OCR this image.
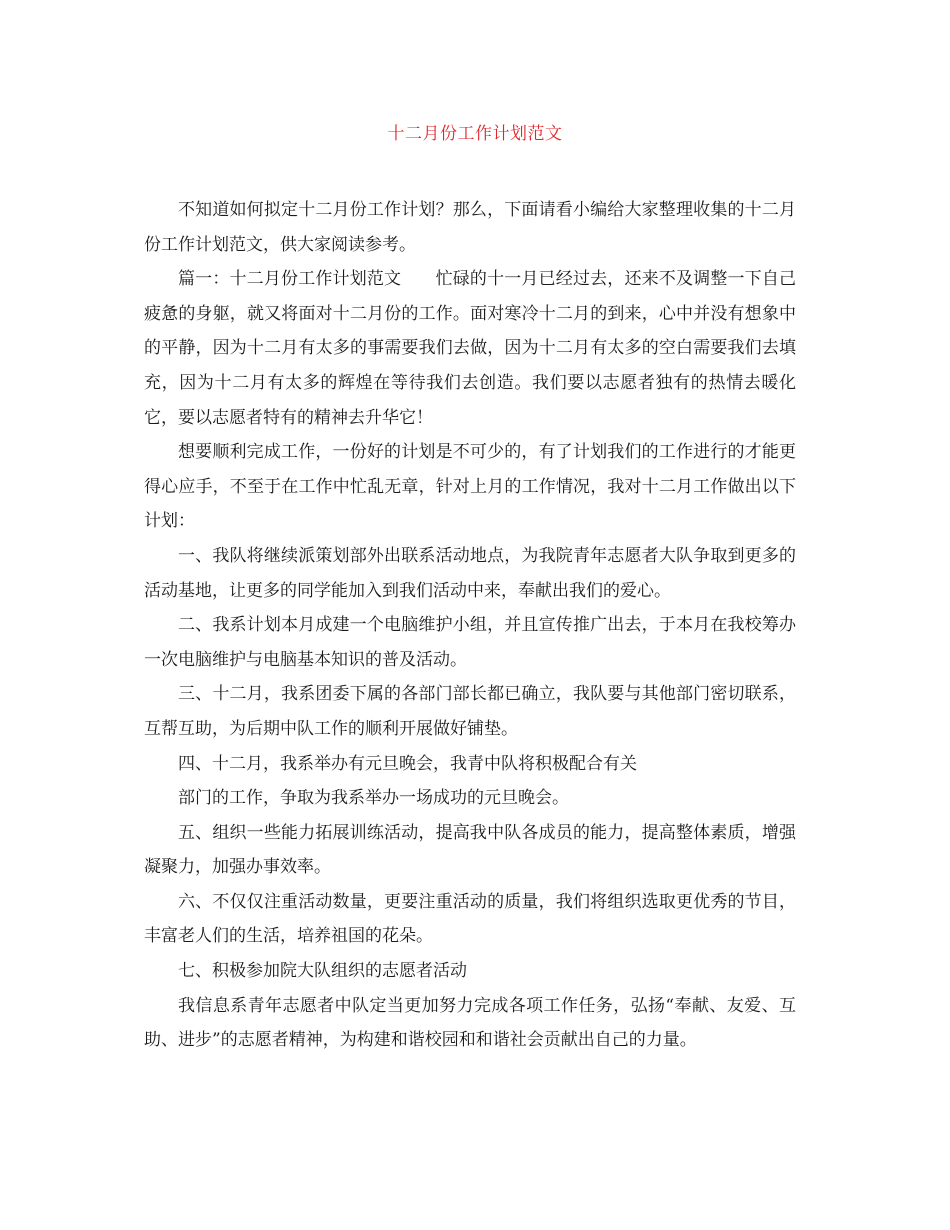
十二月份工作计划范文

不知道如何拟定十二月份工作计划？那么，下面请看小编给大家整理收集的十二月份工作计划范文，供大家阅读参考。

篇一：十二月份工作计划范文　　忙碌的十一月已经过去，还来不及调整一下自己疲惫的身躯，就又将面对十二月份的工作。面对寒冷十二月的到来，心中并没有想象中的平静，因为十二月有太多的事需要我们去做，因为十二月有太多的空白需要我们去填充，因为十二月有太多的辉煌在等待我们去创造。我们要以志愿者独有的热情去暖化它，要以志愿者特有的精神去升华它！

想要顺利完成工作，一份好的计划是不可少的，有了计划我们的工作进行的才能更得心应手，不至于在工作中忙乱无章，针对上月的工作情况，我对十二月工作做出以下计划：

一、我队将继续派策划部外出联系活动地点，为我院青年志愿者大队争取到更多的活动基地，让更多的同学能加入到我们活动中来，奉献出我们的爱心。

二、我系计划本月成建一个电脑维护小组，并且宣传推广出去，于本月在我校筹办一次电脑维护与电脑基本知识的普及活动。

三、十二月，我系团委下属的各部门部长都已确立，我队要与其他部门密切联系，互帮互助，为后期中队工作的顺利开展做好铺垫。

四、十二月，我系举办有元旦晚会，我青中队将积极配合有关

部门的工作，争取为我系举办一场成功的元旦晚会。

五、组织一些能力拓展训练活动，提高我中队各成员的能力，提高整体素质，增强凝聚力，加强办事效率。

六、不仅仅注重活动数量，更要注重活动的质量，我们将组织选取更优秀的节目，丰富老人们的生活，培养祖国的花朵。

七、积极参加院大队组织的志愿者活动

我信息系青年志愿者中队定当更加努力完成各项工作任务，弘扬“奉献、友爱、互助、进步”的志愿者精神，为构建和谐校园和和谐社会贡献出自己的力量。
